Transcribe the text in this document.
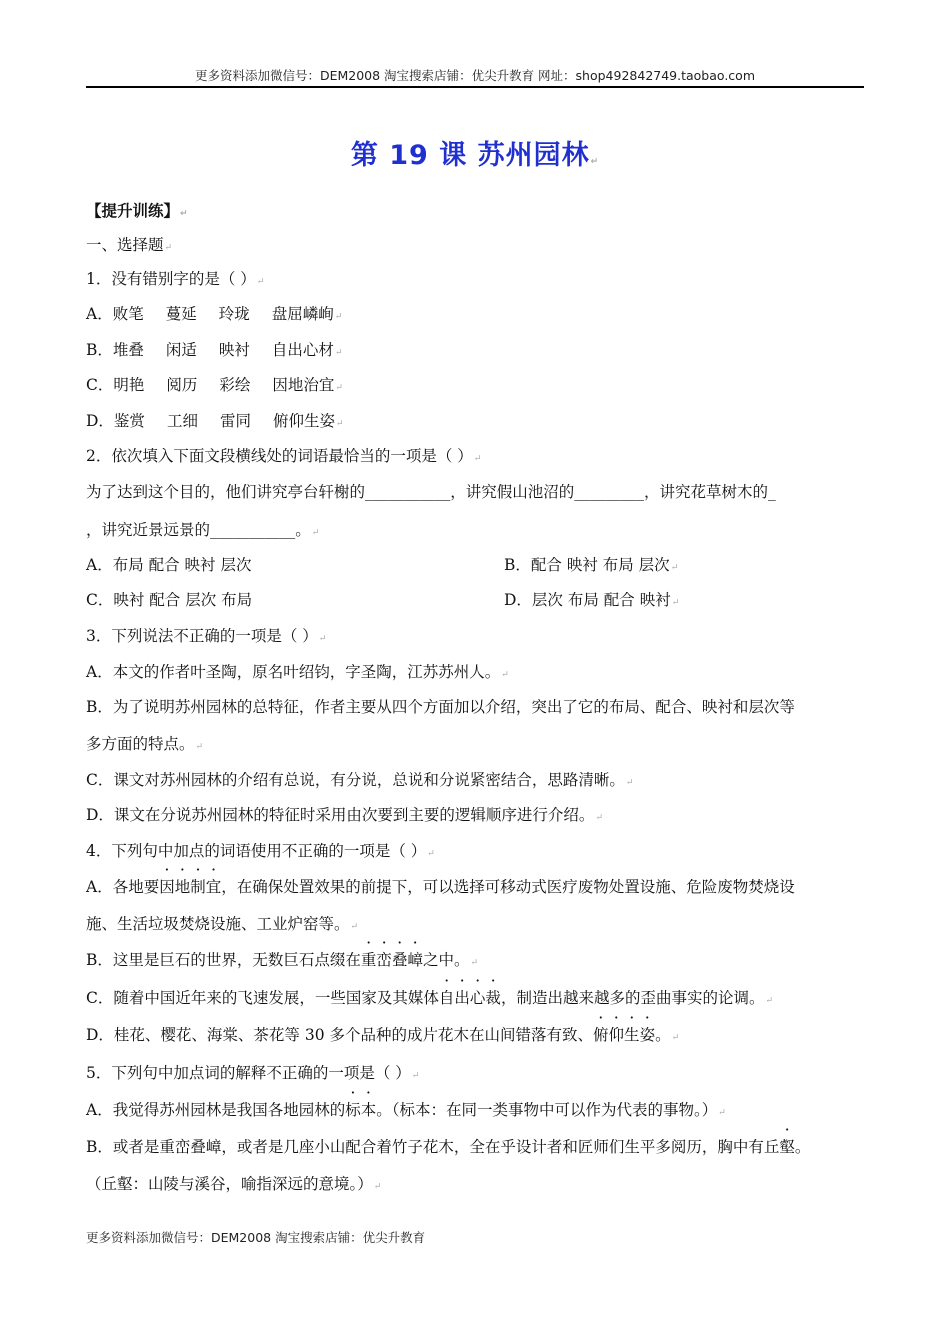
更多资料添加微信号：DEM2008 淘宝搜索店铺：优尖升教育 网址：shop492842749.taobao.com
第 19 课 苏州园林↵
【提升训练】↵
一、选择题↵
1．没有错别字的是（ ）↵
A．败笔 蔓延 玲珑 盘屈嶙峋↵
B．堆叠 闲适 映衬 自出心材↵
C．明艳 阅历 彩绘 因地治宜↵
D．鉴赏 工细 雷同 俯仰生姿↵
2．依次填入下面文段横线处的词语最恰当的一项是（ ）↵
为了达到这个目的，他们讲究亭台轩榭的___________，讲究假山池沼的_________，讲究花草树木的_
，讲究近景远景的___________。↵
A．布局 配合 映衬 层次	B．配合 映衬 布局 层次↵
C．映衬 配合 层次 布局	D．层次 布局 配合 映衬↵
3．下列说法不正确的一项是（ ）↵
A．本文的作者叶圣陶，原名叶绍钧，字圣陶，江苏苏州人。↵
B．为了说明苏州园林的总特征，作者主要从四个方面加以介绍，突出了它的布局、配合、映衬和层次等
多方面的特点。↵
C．课文对苏州园林的介绍有总说，有分说，总说和分说紧密结合，思路清晰。↵
D．课文在分说苏州园林的特征时采用由次要到主要的逻辑顺序进行介绍。↵
4．下列句中加点的词语使用不正确的一项是（ ）↵
A．各地要因地制宜，在确保处置效果的前提下，可以选择可移动式医疗废物处置设施、危险废物焚烧设
施、生活垃圾焚烧设施、工业炉窑等。↵
B．这里是巨石的世界，无数巨石点缀在重峦叠嶂之中。↵
C．随着中国近年来的飞速发展，一些国家及其媒体自出心裁，制造出越来越多的歪曲事实的论调。↵
D．桂花、樱花、海棠、茶花等 30 多个品种的成片花木在山间错落有致、俯仰生姿。↵
5．下列句中加点词的解释不正确的一项是（ ）↵
A．我觉得苏州园林是我国各地园林的标本。（标本：在同一类事物中可以作为代表的事物。）↵
B．或者是重峦叠嶂，或者是几座小山配合着竹子花木，全在乎设计者和匠师们生平多阅历，胸中有丘壑。
（丘壑：山陵与溪谷，喻指深远的意境。）↵
更多资料添加微信号：DEM2008 淘宝搜索店铺：优尖升教育
